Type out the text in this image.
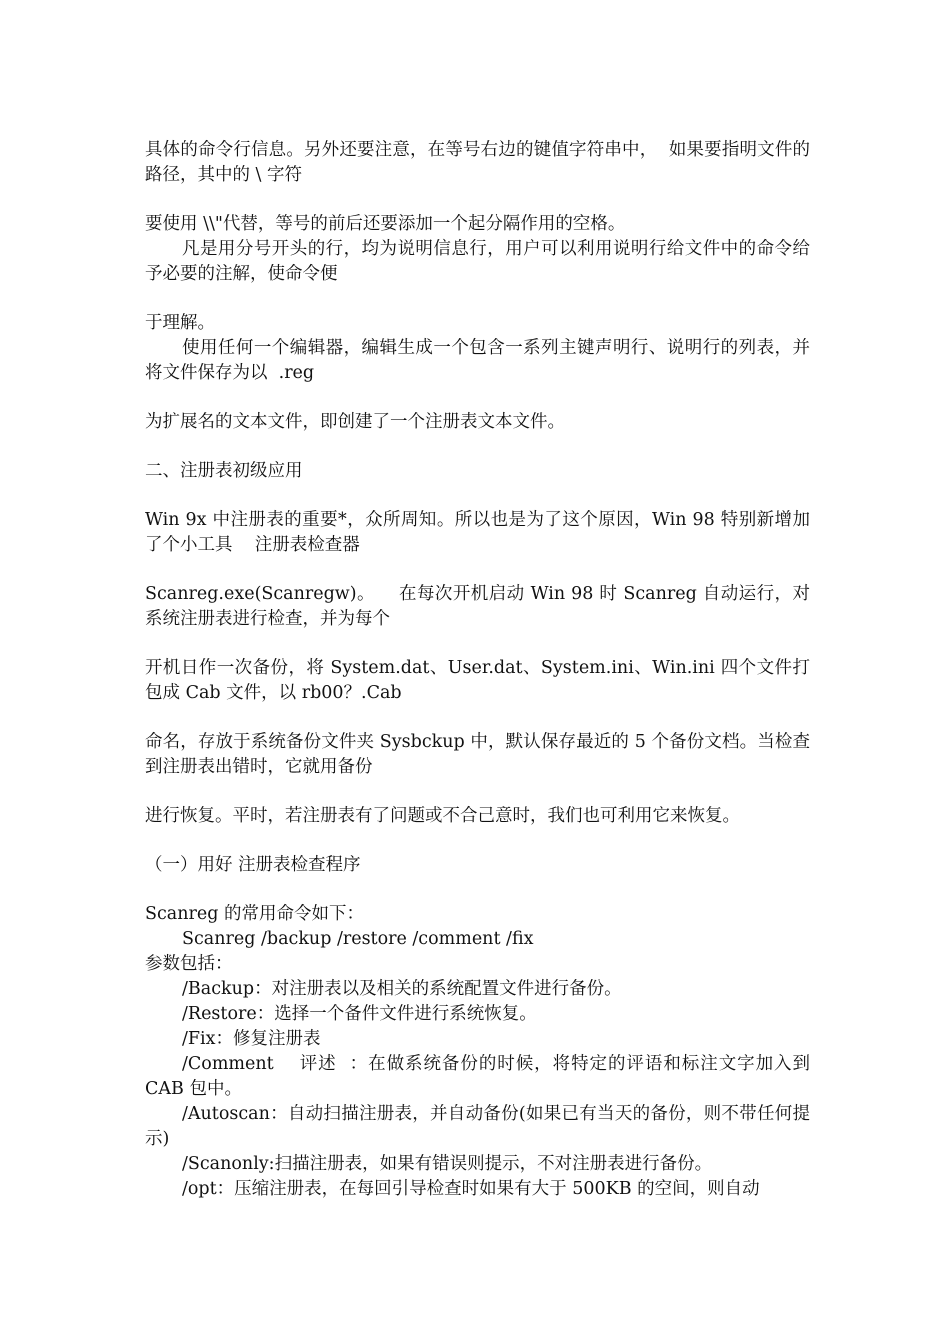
具体的命令行信息。另外还要注意，在等号右边的键值字符串中，  如果要指明文件的路径，其中的 \ 字符

要使用 \\"代替，等号的前后还要添加一个起分隔作用的空格。

凡是用分号开头的行，均为说明信息行，用户可以利用说明行给文件中的命令给予必要的注解，使命令便

于理解。

使用任何一个编辑器，编辑生成一个包含一系列主键声明行、说明行的列表，并将文件保存为以  .reg

为扩展名的文本文件，即创建了一个注册表文本文件。

二、注册表初级应用

Win 9x 中注册表的重要*，众所周知。所以也是为了这个原因，Win 98 特别新增加了个小工具    注册表检查器

Scanreg.exe(Scanregw)。    在每次开机启动 Win 98 时 Scanreg 自动运行，对系统注册表进行检查，并为每个

开机日作一次备份，将 System.dat、User.dat、System.ini、Win.ini 四个文件打包成 Cab 文件，以 rb00？.Cab

命名，存放于系统备份文件夹 Sysbckup 中，默认保存最近的 5 个备份文档。当检查到注册表出错时，它就用备份

进行恢复。平时，若注册表有了问题或不合己意时，我们也可利用它来恢复。

（一）用好 注册表检查程序

Scanreg 的常用命令如下：

Scanreg /backup /restore /comment /fix

参数包括：

/Backup：对注册表以及相关的系统配置文件进行备份。

/Restore：选择一个备件文件进行系统恢复。

/Fix：修复注册表

/Comment    评述  ：在做系统备份的时候，将特定的评语和标注文字加入到 CAB 包中。

/Autoscan：自动扫描注册表，并自动备份(如果已有当天的备份，则不带任何提示)

/Scanonly:扫描注册表，如果有错误则提示，不对注册表进行备份。

/opt：压缩注册表，在每回引导检查时如果有大于 500KB 的空间，则自动
